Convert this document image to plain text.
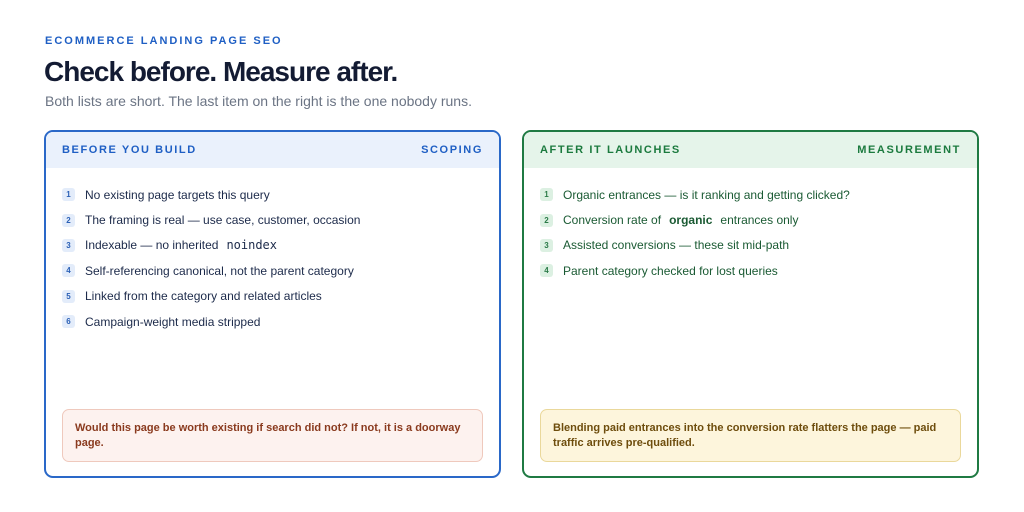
ECOMMERCE LANDING PAGE SEO
Check before. Measure after.

Both lists are short. The last item on the right is the one nobody runs.

BEFORE YOU BUILD	SCOPING
1	No existing page targets this query
2	The framing is real — use case, customer, occasion
3	Indexable — no inherited noindex
4	Self-referencing canonical, not the parent category
5	Linked from the category and related articles
6	Campaign-weight media stripped
Would this page be worth existing if search did not? If not, it is a doorway page.
AFTER IT LAUNCHES	MEASUREMENT
1	Organic entrances — is it ranking and getting clicked?
2	Conversion rate of organic entrances only
3	Assisted conversions — these sit mid-path
4	Parent category checked for lost queries
Blending paid entrances into the conversion rate flatters the page — paid traffic arrives pre-qualified.
